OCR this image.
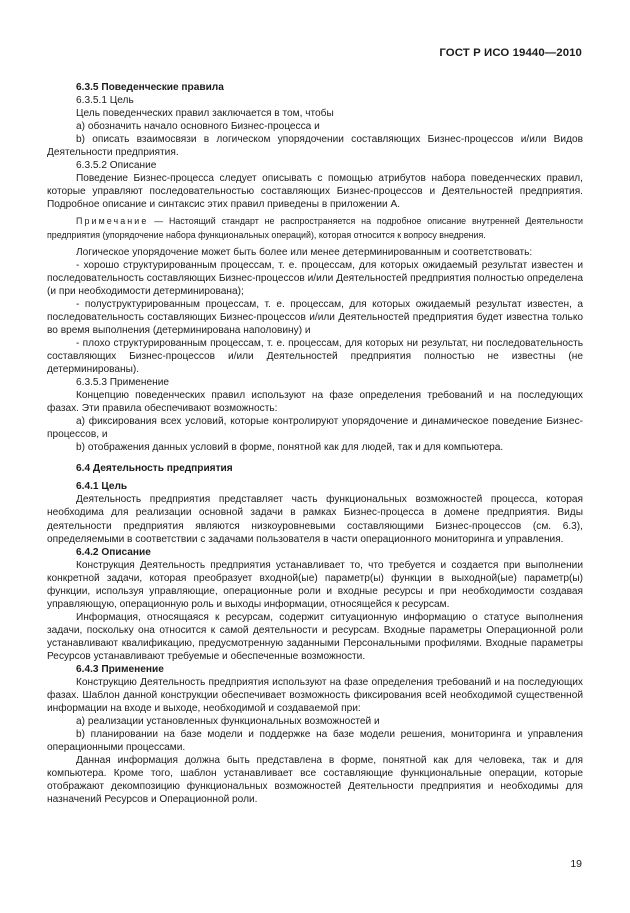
ГОСТ Р ИСО 19440—2010

6.3.5 Поведенческие правила

6.3.5.1 Цель

Цель поведенческих правил заключается в том, чтобы

а) обозначить начало основного Бизнес-процесса и

b) описать взаимосвязи в логическом упорядочении составляющих Бизнес-процессов и/или Видов Деятельности предприятия.

6.3.5.2 Описание

Поведение Бизнес-процесса следует описывать с помощью атрибутов набора поведенческих правил, которые управляют последовательностью составляющих Бизнес-процессов и Деятельностей предприятия. Подробное описание и синтаксис этих правил приведены в приложении А.

Примечание — Настоящий стандарт не распространяется на подробное описание внутренней Деятельности предприятия (упорядочение набора функциональных операций), которая относится к вопросу внедрения.

Логическое упорядочение может быть более или менее детерминированным и соответствовать:

- хорошо структурированным процессам, т. е. процессам, для которых ожидаемый результат известен и последовательность составляющих Бизнес-процессов и/или Деятельностей предприятия полностью определена (и при необходимости детерминирована);

- полуструктурированным процессам, т. е. процессам, для которых ожидаемый результат известен, а последовательность составляющих Бизнес-процессов и/или Деятельностей предприятия будет известна только во время выполнения (детерминирована наполовину) и

- плохо структурированным процессам, т. е. процессам, для которых ни результат, ни последовательность составляющих Бизнес-процессов и/или Деятельностей предприятия полностью не известны (не детерминированы).

6.3.5.3 Применение

Концепцию поведенческих правил используют на фазе определения требований и на последующих фазах. Эти правила обеспечивают возможность:

а) фиксирования всех условий, которые контролируют упорядочение и динамическое поведение Бизнес-процессов, и

b) отображения данных условий в форме, понятной как для людей, так и для компьютера.

6.4 Деятельность предприятия

6.4.1 Цель

Деятельность предприятия представляет часть функциональных возможностей процесса, которая необходима для реализации основной задачи в рамках Бизнес-процесса в домене предприятия. Виды деятельности предприятия являются низкоуровневыми составляющими Бизнес-процессов (см. 6.3), определяемыми в соответствии с задачами пользователя в части операционного мониторинга и управления.

6.4.2 Описание

Конструкция Деятельность предприятия устанавливает то, что требуется и создается при выполнении конкретной задачи, которая преобразует входной(ые) параметр(ы) функции в выходной(ые) параметр(ы) функции, используя управляющие, операционные роли и входные ресурсы и при необходимости создавая управляющую, операционную роль и выходы информации, относящейся к ресурсам.

Информация, относящаяся к ресурсам, содержит ситуационную информацию о статусе выполнения задачи, поскольку она относится к самой деятельности и ресурсам. Входные параметры Операционной роли устанавливают квалификацию, предусмотренную заданными Персональными профилями. Входные параметры Ресурсов устанавливают требуемые и обеспеченные возможности.

6.4.3 Применение

Конструкцию Деятельность предприятия используют на фазе определения требований и на последующих фазах. Шаблон данной конструкции обеспечивает возможность фиксирования всей необходимой существенной информации на входе и выходе, необходимой и создаваемой при:

а) реализации установленных функциональных возможностей и

b) планировании на базе модели и поддержке на базе модели решения, мониторинга и управления операционными процессами.

Данная информация должна быть представлена в форме, понятной как для человека, так и для компьютера. Кроме того, шаблон устанавливает все составляющие функциональные операции, которые отображают декомпозицию функциональных возможностей Деятельности предприятия и необходимы для назначений Ресурсов и Операционной роли.

19
